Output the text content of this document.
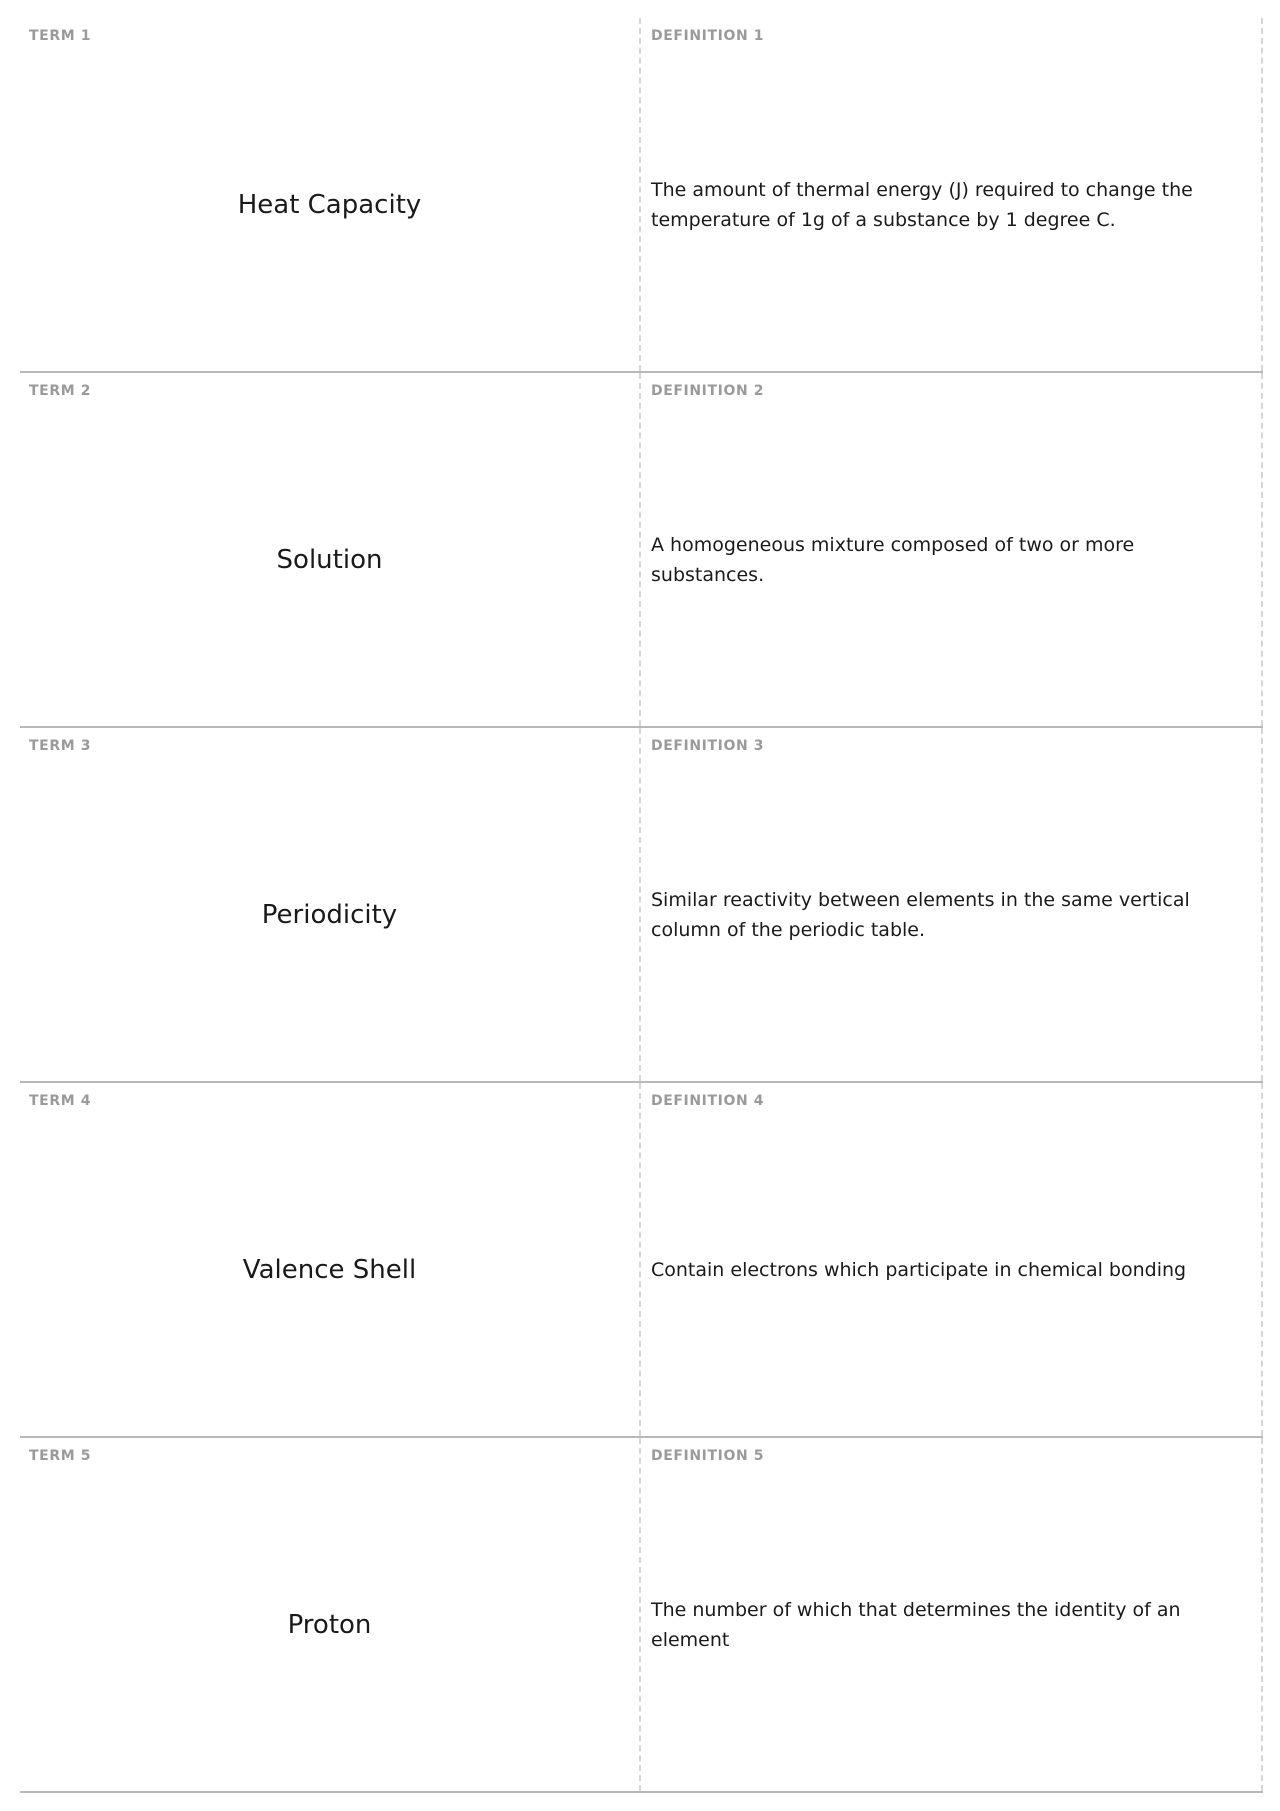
TERM 1
Heat Capacity
DEFINITION 1
The amount of thermal energy (J) required to change the temperature of 1g of a substance by 1 degree C.
TERM 2
Solution
DEFINITION 2
A homogeneous mixture composed of two or more substances.
TERM 3
Periodicity
DEFINITION 3
Similar reactivity between elements in the same vertical column of the periodic table.
TERM 4
Valence Shell
DEFINITION 4
Contain electrons which participate in chemical bonding
TERM 5
Proton
DEFINITION 5
The number of which that determines the identity of an element
